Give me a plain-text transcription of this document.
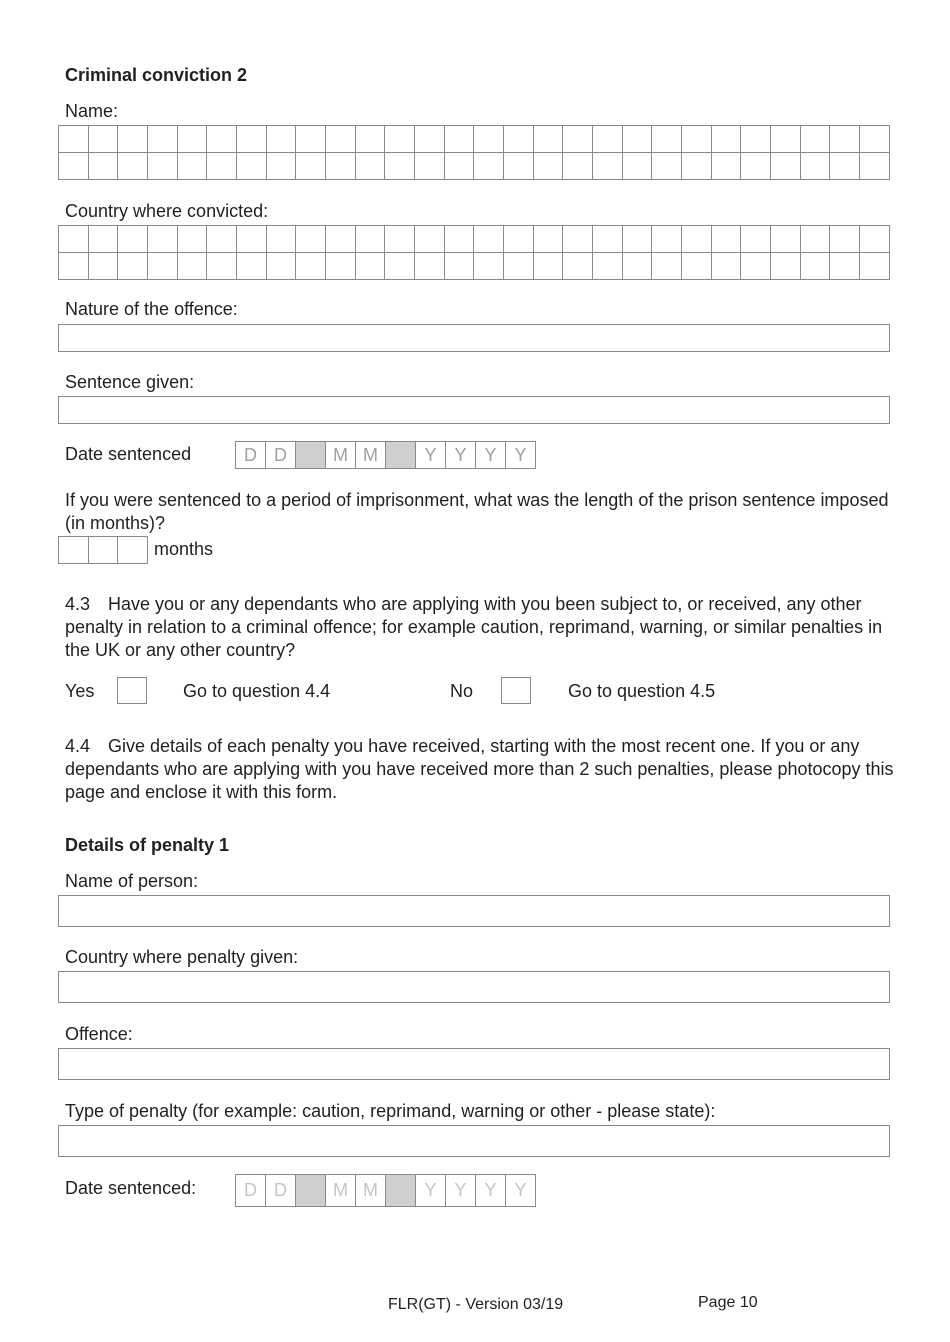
Criminal conviction 2
Name:
Country where convicted:
Nature of the offence:
Sentence given:
Date sentenced	D D	M M	Y Y Y Y
If you were sentenced to a period of imprisonment, what was the length of the prison sentence imposed (in months)?
months
4.3 Have you or any dependants who are applying with you been subject to, or received, any other penalty in relation to a criminal offence; for example caution, reprimand, warning, or similar penalties in the UK or any other country?
Yes	Go to question 4.4	No	Go to question 4.5
4.4 Give details of each penalty you have received, starting with the most recent one. If you or any dependants who are applying with you have received more than 2 such penalties, please photocopy this page and enclose it with this form.
Details of penalty 1
Name of person:
Country where penalty given:
Offence:
Type of penalty (for example: caution, reprimand, warning or other - please state):
Date sentenced:	D D	M M	Y Y Y Y
FLR(GT) - Version 03/19	Page 10
